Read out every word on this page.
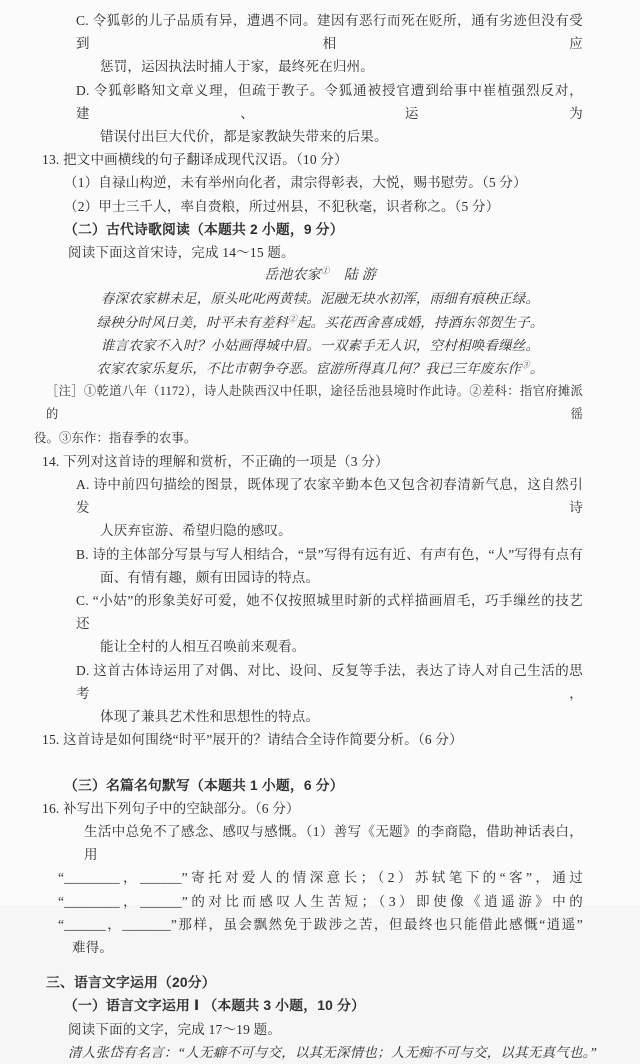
C. 令狐彰的儿子品质有异，遭遇不同。建因有恶行而死在贬所，通有劣迹但没有受到相应
惩罚，运因执法时捕人于家，最终死在归州。
D. 令狐彰略知文章义理，但疏于教子。令狐通被授官遭到给事中崔植强烈反对，建、运为
错误付出巨大代价，都是家教缺失带来的后果。
13. 把文中画横线的句子翻译成现代汉语。（10 分）
（1）自禄山构逆，未有举州向化者，肃宗得彰表，大悦，赐书慰劳。（5 分）
（2）甲士三千人，率自赍粮，所过州县，不犯秋毫，识者称之。（5 分）
（二）古代诗歌阅读（本题共 2 小题，9 分）
阅读下面这首宋诗，完成 14～15 题。
岳池农家①　陆 游
春深农家耕未足，原头叱叱两黄犊。泥融无块水初浑，雨细有痕秧正绿。
绿秧分时风日美，时平未有差科②起。买花西舍喜成婚，持酒东邻贺生子。
谁言农家不入时？小姑画得城中眉。一双素手无人识，空村相唤看缫丝。
农家农家乐复乐，不比市朝争夺恶。宦游所得真几何？我已三年废东作③。
［注］①乾道八年（1172），诗人赴陕西汉中任职，途径岳池县境时作此诗。②差科：指官府摊派的徭
役。③东作：指春季的农事。
14. 下列对这首诗的理解和赏析，不正确的一项是（3 分）
A. 诗中前四句描绘的图景，既体现了农家辛勤本色又包含初春清新气息，这自然引发诗
人厌弃宦游、希望归隐的感叹。
B. 诗的主体部分写景与写人相结合，“景”写得有远有近、有声有色，“人”写得有点有
面、有情有趣，颇有田园诗的特点。
C. “小姑”的形象美好可爱，她不仅按照城里时新的式样描画眉毛，巧手缫丝的技艺还
能让全村的人相互召唤前来观看。
D. 这首古体诗运用了对偶、对比、设问、反复等手法，表达了诗人对自己生活的思考，
体现了兼具艺术性和思想性的特点。
15. 这首诗是如何围绕“时平”展开的？请结合全诗作简要分析。（6 分）
（三）名篇名句默写（本题共 1 小题，6 分）
16. 补写出下列句子中的空缺部分。（6 分）
生活中总免不了感念、感叹与感慨。（1）善写《无题》的李商隐，借助神话表白，用
“________，______”寄托对爱人的情深意长；（2）苏轼笔下的“客”，通过
“________，______”的对比而感叹人生苦短；（3）即使像《逍遥游》中的
“______，_______”那样，虽会飘然免于跋涉之苦，但最终也只能借此感慨“逍遥”
难得。
三、语言文字运用（20分）
（一）语言文字运用 Ⅰ （本题共 3 小题，10 分）
阅读下面的文字，完成 17～19 题。
清人张岱有名言：“人无癖不可与交，以其无深情也；人无痴不可与交，以其无真气也。”
